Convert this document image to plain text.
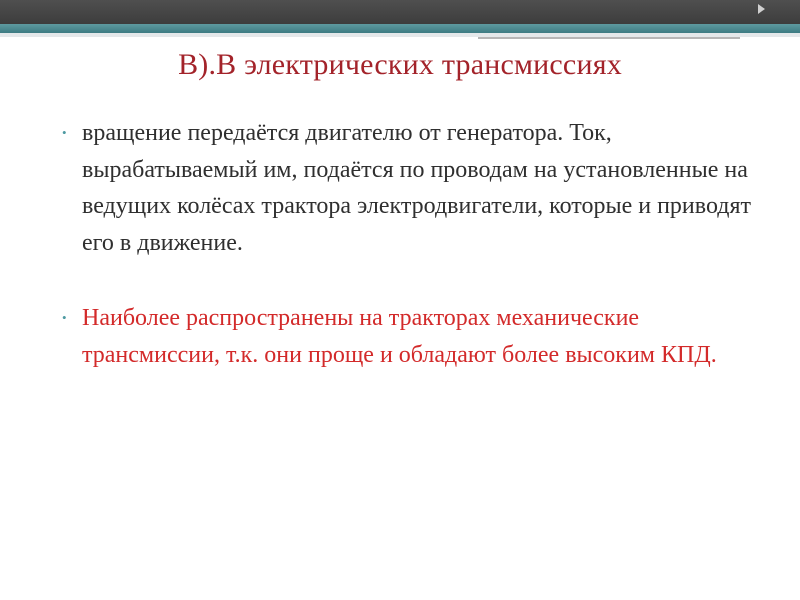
В).В электрических трансмиссиях
• вращение передаётся двигателю от генератора. Ток, вырабатываемый им, подаётся по проводам на установленные на ведущих колёсах трактора электродвигатели, которые и приводят его в движение.
• Наиболее распространены на тракторах механические трансмиссии, т.к. они проще и обладают более высоким КПД.
